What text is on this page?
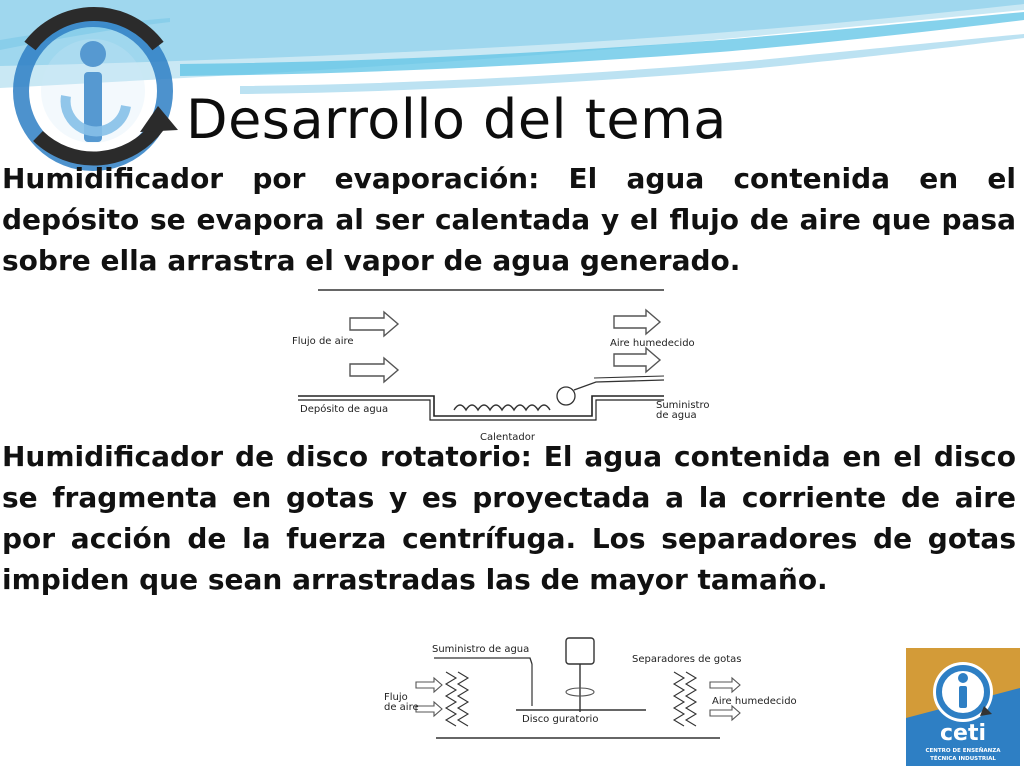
Desarrollo del tema

Humidificador por evaporación: El agua contenida en el depósito se evapora al ser calentada y el flujo de aire que pasa sobre ella arrastra el vapor de agua generado.

Flujo de aire	Aire humedecido
Depósito de agua	Suministro
de agua
Calentador

Humidificador de disco rotatorio: El agua contenida en el disco se fragmenta en gotas y es proyectada a la corriente de aire por acción de la fuerza centrífuga. Los separadores de gotas impiden que sean arrastradas las de mayor tamaño.

Suministro de agua
Separadores de gotas
Flujo
de aire
Aire humedecido
Disco guratorio
ceti
CENTRO DE ENSEÑANZA
TÉCNICA INDUSTRIAL
